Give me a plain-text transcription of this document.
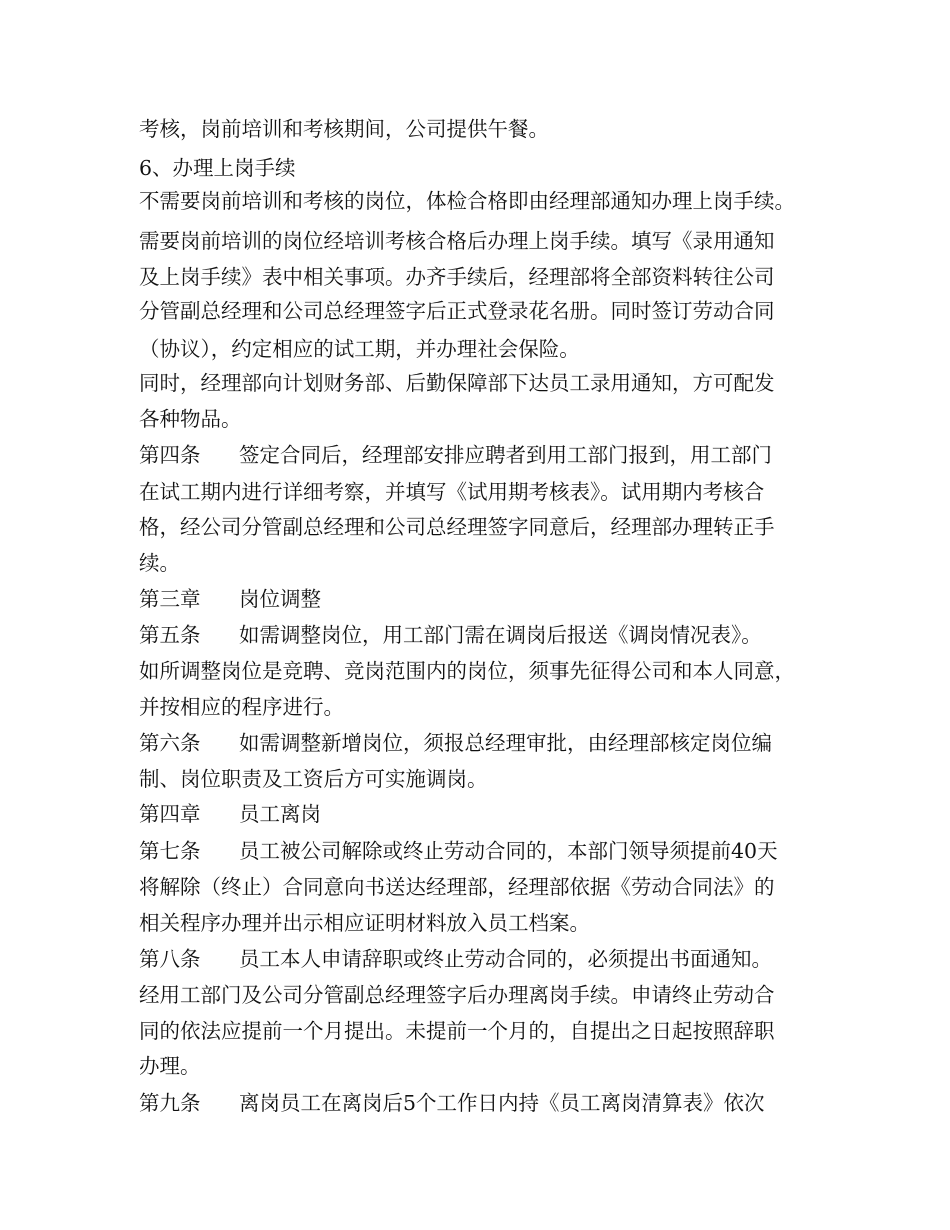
考核，岗前培训和考核期间，公司提供午餐。
6、办理上岗手续
不需要岗前培训和考核的岗位，体检合格即由经理部通知办理上岗手续。
需要岗前培训的岗位经培训考核合格后办理上岗手续。填写《录用通知
及上岗手续》表中相关事项。办齐手续后，经理部将全部资料转往公司
分管副总经理和公司总经理签字后正式登录花名册。同时签订劳动合同
（协议），约定相应的试工期，并办理社会保险。
同时，经理部向计划财务部、后勤保障部下达员工录用通知，方可配发
各种物品。
第四条 签定合同后，经理部安排应聘者到用工部门报到，用工部门
在试工期内进行详细考察，并填写《试用期考核表》。试用期内考核合
格，经公司分管副总经理和公司总经理签字同意后，经理部办理转正手
续。
第三章 岗位调整
第五条 如需调整岗位，用工部门需在调岗后报送《调岗情况表》。
如所调整岗位是竞聘、竞岗范围内的岗位，须事先征得公司和本人同意，
并按相应的程序进行。
第六条 如需调整新增岗位，须报总经理审批，由经理部核定岗位编
制、岗位职责及工资后方可实施调岗。
第四章 员工离岗
第七条 员工被公司解除或终止劳动合同的，本部门领导须提前40天
将解除（终止）合同意向书送达经理部，经理部依据《劳动合同法》的
相关程序办理并出示相应证明材料放入员工档案。
第八条 员工本人申请辞职或终止劳动合同的，必须提出书面通知。
经用工部门及公司分管副总经理签字后办理离岗手续。申请终止劳动合
同的依法应提前一个月提出。未提前一个月的，自提出之日起按照辞职
办理。
第九条 离岗员工在离岗后5个工作日内持《员工离岗清算表》依次
